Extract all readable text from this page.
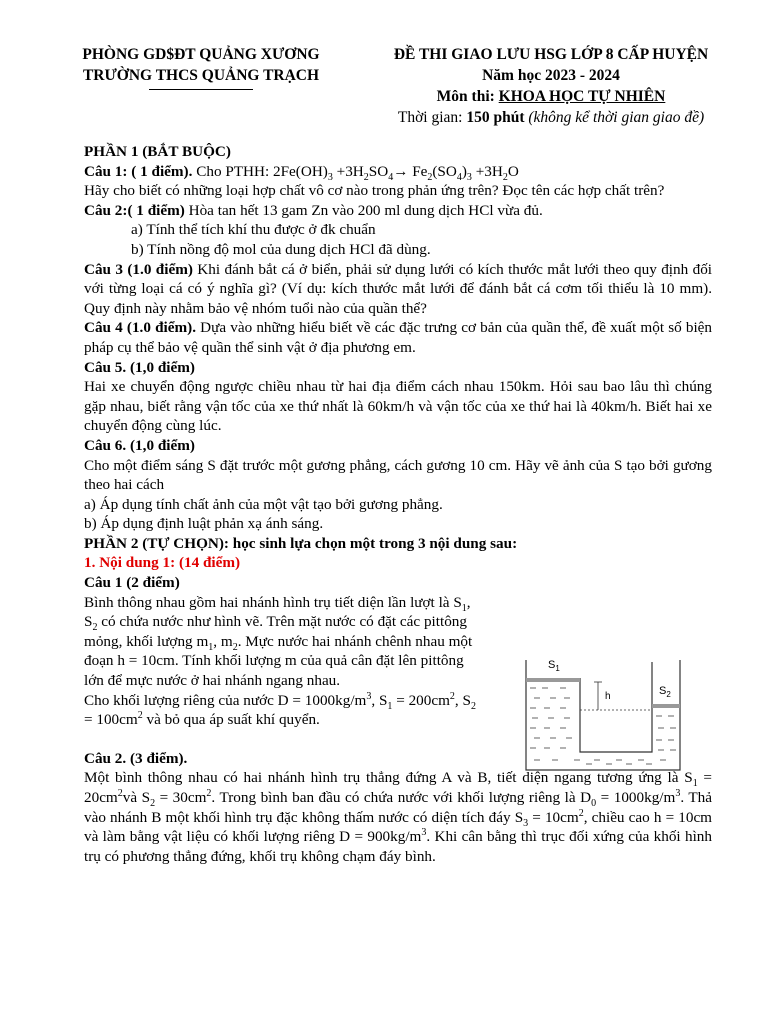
PHÒNG GD$ĐT QUẢNG XƯƠNG
TRƯỜNG THCS QUẢNG TRẠCH
ĐỀ THI GIAO LƯU HSG LỚP 8 CẤP HUYỆN
Năm học 2023 - 2024
Môn thi: KHOA HỌC TỰ NHIÊN
Thời gian: 150 phút (không kể thời gian giao đề)

PHẦN 1 (BẮT BUỘC)

Câu 1: ( 1 điểm). Cho PTHH: $2Fe(OH)_3 +3H_2SO_4\to Fe_2(SO_4)_3 +3H_2O$

Hãy cho biết có những loại hợp chất vô cơ nào trong phản ứng trên? Đọc tên các hợp chất trên?

Câu 2:( 1 điểm) Hòa tan hết 13 gam Zn vào 200 ml dung dịch HCl vừa đủ.

a) Tính thể tích khí thu được ở đk chuẩn

b) Tính nồng độ mol của dung dịch HCl đã dùng.

Câu 3 (1.0 điểm) Khi đánh bắt cá ở biển, phải sử dụng lưới có kích thước mắt lưới theo quy định đối với từng loại cá có ý nghĩa gì? (Ví dụ: kích thước mắt lưới để đánh bắt cá cơm tối thiểu là 10 mm). Quy định này nhằm bảo vệ nhóm tuổi nào của quần thể?

Câu 4 (1.0 điểm). Dựa vào những hiểu biết về các đặc trưng cơ bản của quần thể, đề xuất một số biện pháp cụ thể bảo vệ quần thể sinh vật ở địa phương em.

Câu 5. (1,0 điểm)

Hai xe chuyển động ngược chiều nhau từ hai địa điểm cách nhau 150km. Hỏi sau bao lâu thì chúng gặp nhau, biết rằng vận tốc của xe thứ nhất là 60km/h và vận tốc của xe thứ hai là 40km/h. Biết hai xe chuyển động cùng lúc.

Câu 6. (1,0 điểm)

Cho một điểm sáng S đặt trước một gương phẳng, cách gương 10 cm. Hãy vẽ ảnh của S tạo bởi gương theo hai cách

a) Áp dụng tính chất ảnh của một vật tạo bởi gương phẳng.

b) Áp dụng định luật phản xạ ánh sáng.

PHẦN 2 (TỰ CHỌN): học sinh lựa chọn một trong 3 nội dung sau:

1. Nội dung 1: (14 điểm)

Câu 1 (2 điểm)

Bình thông nhau gồm hai nhánh hình trụ tiết diện lần lượt là $S_1$, $S_2$ có chứa nước như hình vẽ. Trên mặt nước có đặt các pittông mỏng, khối lượng $m_1$, $m_2$. Mực nước hai nhánh chênh nhau một đoạn h = 10cm. Tính khối lượng m của quả cân đặt lên pittông lớn để mực nước ở hai nhánh ngang nhau.

Cho khối lượng riêng của nước $D = 1000kg/m^3$, $S_1 = 200cm^2$, $S_2 = 100cm^2$ và bỏ qua áp suất khí quyển.

Câu 2. (3 điểm).

Một bình thông nhau có hai nhánh hình trụ thẳng đứng A và B, tiết diện ngang tương ứng là $S_1$ = $20cm^2và$ $S_2 = 30cm^2$. Trong bình ban đầu có chứa nước với khối lượng riêng là $D_0 = 1000kg/m^3$. Thả vào nhánh B một khối hình trụ đặc không thấm nước có diện tích đáy $S_3 = 10cm^2$, chiều cao h = 10cm và làm bằng vật liệu có khối lượng riêng $D = 900kg/m^3$. Khi cân bằng thì trục đối xứng của khối hình trụ có phương thẳng đứng, khối trụ không chạm đáy bình.

$S_1$
$S_2$
h
